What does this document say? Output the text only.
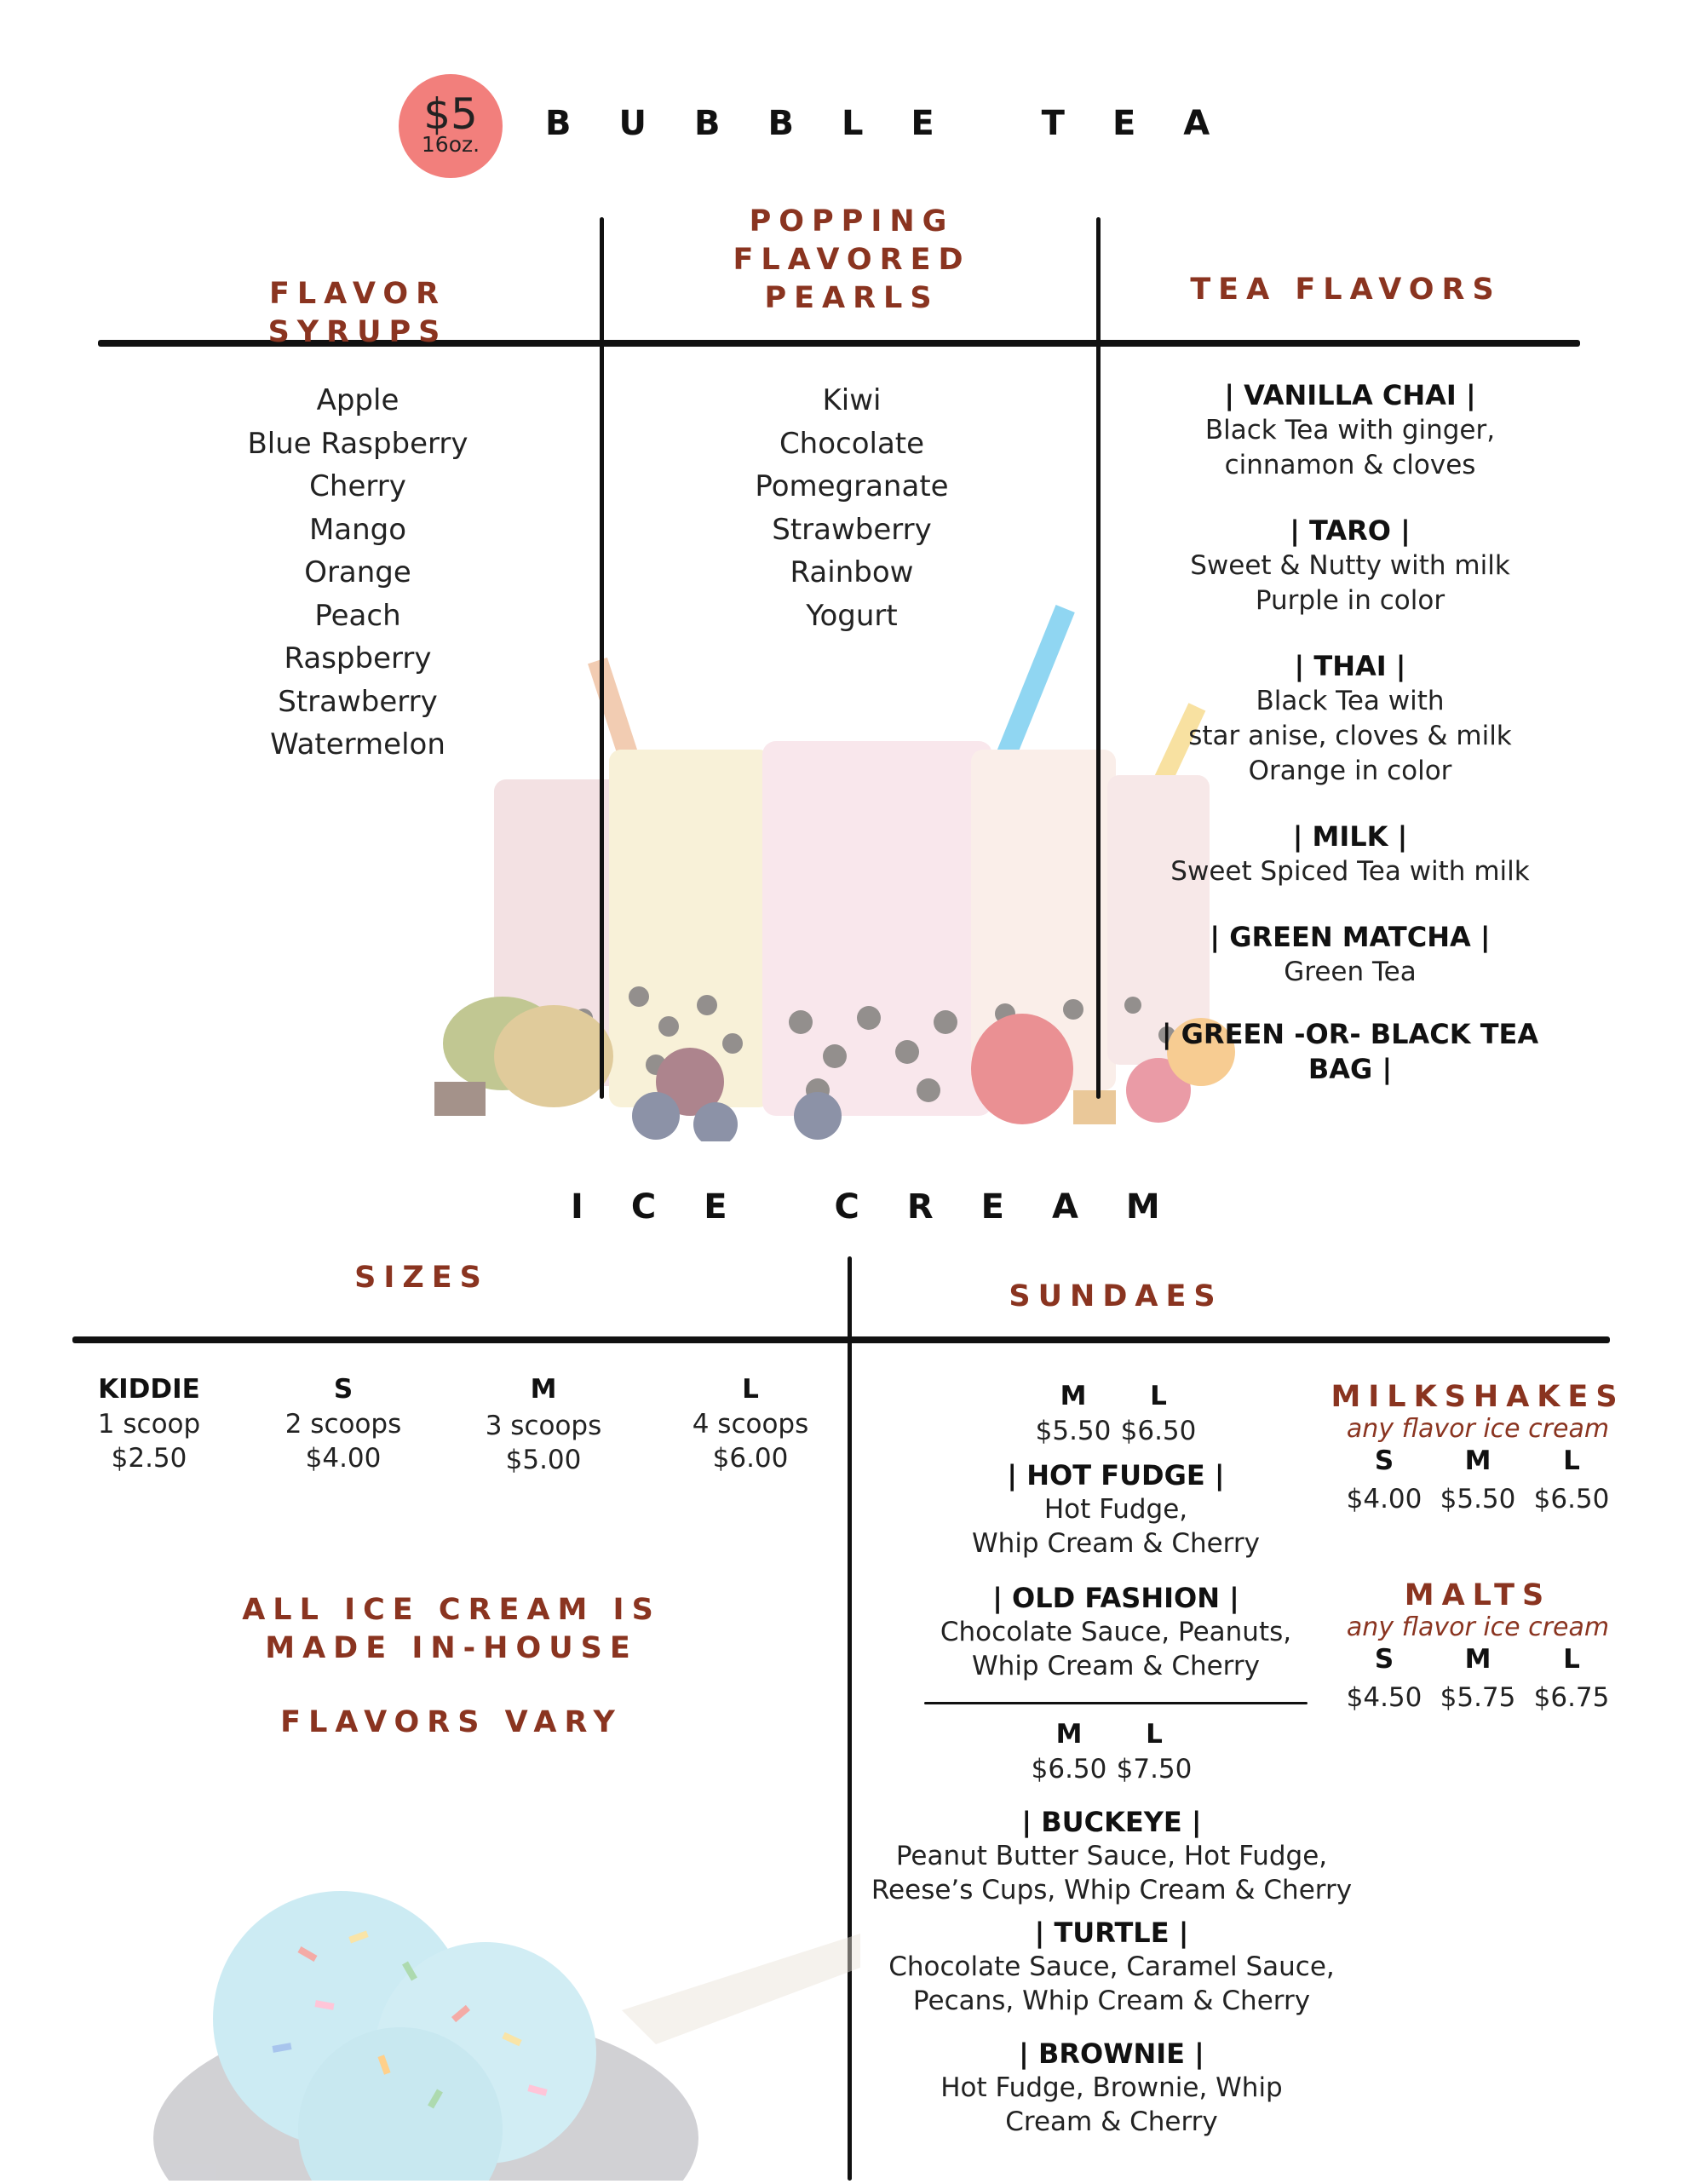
$5
16oz.
BUBBLE TEA
FLAVOR SYRUPS
POPPING
FLAVORED
PEARLS	TEA FLAVORS
Apple
Blue Raspberry
Cherry
Mango
Orange
Peach
Raspberry
Strawberry
Watermelon
Kiwi
Chocolate
Pomegranate
Strawberry
Rainbow
Yogurt
| VANILLA CHAI |
Black Tea with ginger,
cinnamon & cloves
| TARO |
Sweet & Nutty with milk
Purple in color
| THAI |
Black Tea with
star anise, cloves & milk
Orange in color
| MILK |
Sweet Spiced Tea with milk
| GREEN MATCHA |
Green Tea
| GREEN -OR- BLACK TEA BAG |
ICE CREAM
SIZES
SUNDAES
KIDDIE
1 scoop
$2.50
S
2 scoops
$4.00
M
3 scoops
$5.00
L
4 scoops
$6.00
ALL ICE CREAM IS
MADE IN-HOUSE
FLAVORS VARY
M	L
$5.50 $6.50
| HOT FUDGE |
Hot Fudge,
Whip Cream & Cherry
| OLD FASHION |
Chocolate Sauce, Peanuts,
Whip Cream & Cherry
M	L
$6.50 $7.50
| BUCKEYE |
Peanut Butter Sauce, Hot Fudge,
Reese’s Cups, Whip Cream & Cherry
| TURTLE |
Chocolate Sauce, Caramel Sauce,
Pecans, Whip Cream & Cherry
| BROWNIE |
Hot Fudge, Brownie, Whip
Cream & Cherry
MILKSHAKES
any flavor ice cream
S	M	L
$4.00 $5.50 $6.50
MALTS
any flavor ice cream
S	M	L
$4.50 $5.75 $6.75
